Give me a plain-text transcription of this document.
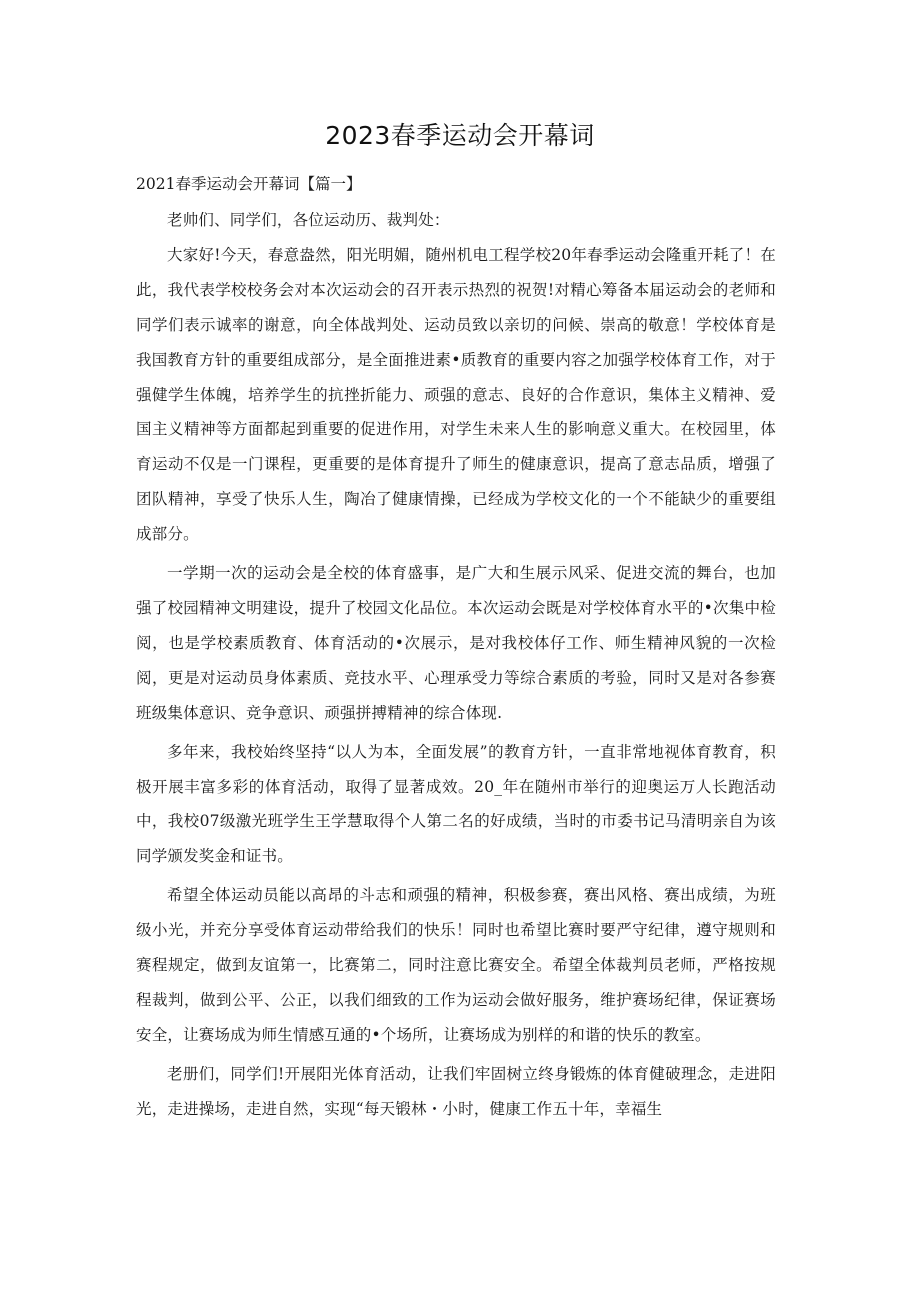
2023春季运动会开幕词

2021春季运动会开幕词【篇一】

老帅们、同学们，各位运动历、裁判处：

大家好!今天，春意盎然，阳光明媚，随州机电工程学校20年春季运动会隆重开耗了！在此，我代表学校校务会对本次运动会的召开表示热烈的祝贺!对精心筹备本届运动会的老师和同学们表示诚率的谢意，向全体战判处、运动员致以亲切的问候、崇高的敬意！学校体育是我国教育方针的重要组成部分，是全面推进素•质教育的重要内容之加强学校体育工作，对于强健学生体魄，培养学生的抗挫折能力、顽强的意志、良好的合作意识，集体主义精神、爱国主义精神等方面都起到重要的促进作用，对学生未来人生的影响意义重大。在校园里，体育运动不仅是一门课程，更重要的是体育提升了师生的健康意识，提高了意志品质，增强了团队精神，享受了快乐人生，陶冶了健康情操，已经成为学校文化的一个不能缺少的重要组成部分。

一学期一次的运动会是全校的体育盛事，是广大和生展示风采、促进交流的舞台，也加强了校园精神文明建设，提升了校园文化品位。本次运动会既是对学校体育水平的•次集中检阅，也是学校素质教育、体育活动的•次展示，是对我校体仔工作、师生精神风貌的一次检阅，更是对运动员身体素质、竞技水平、心理承受力等综合素质的考验，同时又是对各参赛班级集体意识、竞争意识、顽强拼搏精神的综合体现.

多年来，我校始终坚持“以人为本，全面发展”的教育方针，一直非常地视体育教育，积极开展丰富多彩的体育活动，取得了显著成效。20_年在随州市举行的迎奥运万人长跑活动中，我校07级激光班学生王学慧取得个人第二名的好成绩，当时的市委书记马清明亲自为该同学颁发奖金和证书。

希望全体运动员能以高昂的斗志和顽强的精神，积极参赛，赛出风格、赛出成绩，为班级小光，并充分享受体育运动带给我们的快乐！同时也希望比赛时要严守纪律，遵守规则和赛程规定，做到友谊第一，比赛第二，同时注意比赛安全。希望全体裁判员老师，严格按规程裁判，做到公平、公正，以我们细致的工作为运动会做好服务，维护赛场纪律，保证赛场安全，让赛场成为师生情感互通的•个场所，让赛场成为别样的和谐的快乐的教室。

老册们，同学们!开展阳光体育活动，让我们牢固树立终身锻炼的体育健破理念，走进阳光，走进操场，走进自然，实现“每天锻林・小时，健康工作五十年，幸福生
